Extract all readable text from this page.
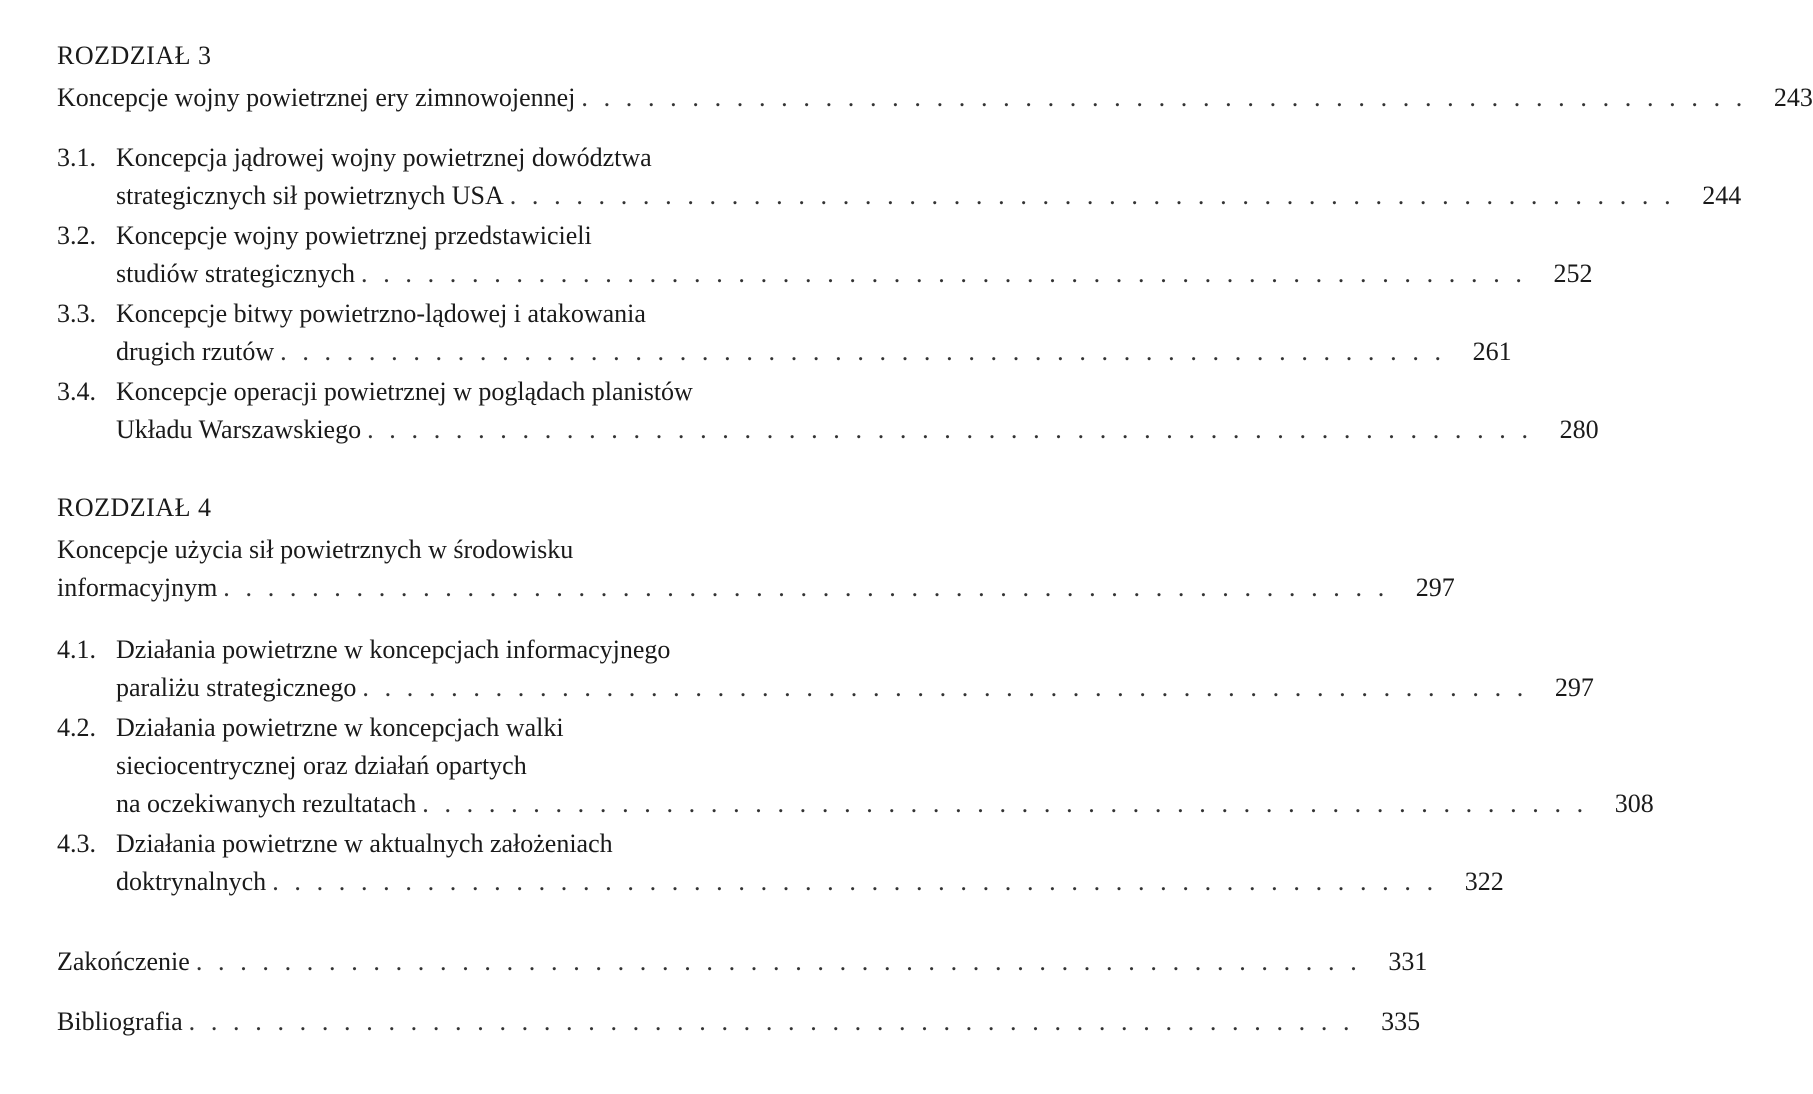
ROZDZIAŁ 3
Koncepcje wojny powietrznej ery zimnowojennej . . . . . . . . . . . . . . . . . . . . . . . . . . . . . . . . . . . . . . . . . . . . . . . . . . . . .	243
3.1. Koncepcja jądrowej wojny powietrznej dowództwa
strategicznych sił powietrznych USA . . . . . . . . . . . . . . . . . . . . . . . . . . . . . . . . . . . . . . . . . . . . . . . . . . . . .	244
3.2. Koncepcje wojny powietrznej przedstawicieli
studiów strategicznych . . . . . . . . . . . . . . . . . . . . . . . . . . . . . . . . . . . . . . . . . . . . . . . . . . . . .	252
3.3. Koncepcje bitwy powietrzno-lądowej i atakowania
drugich rzutów . . . . . . . . . . . . . . . . . . . . . . . . . . . . . . . . . . . . . . . . . . . . . . . . . . . . .	261
3.4. Koncepcje operacji powietrznej w poglądach planistów
Układu Warszawskiego . . . . . . . . . . . . . . . . . . . . . . . . . . . . . . . . . . . . . . . . . . . . . . . . . . . . .	280
ROZDZIAŁ 4
Koncepcje użycia sił powietrznych w środowisku
informacyjnym . . . . . . . . . . . . . . . . . . . . . . . . . . . . . . . . . . . . . . . . . . . . . . . . . . . . .	297
4.1. Działania powietrzne w koncepcjach informacyjnego
paraliżu strategicznego . . . . . . . . . . . . . . . . . . . . . . . . . . . . . . . . . . . . . . . . . . . . . . . . . . . . .	297
4.2. Działania powietrzne w koncepcjach walki
sieciocentrycznej oraz działań opartych
na oczekiwanych rezultatach . . . . . . . . . . . . . . . . . . . . . . . . . . . . . . . . . . . . . . . . . . . . . . . . . . . . .	308
4.3. Działania powietrzne w aktualnych założeniach
doktrynalnych . . . . . . . . . . . . . . . . . . . . . . . . . . . . . . . . . . . . . . . . . . . . . . . . . . . . .	322
Zakończenie . . . . . . . . . . . . . . . . . . . . . . . . . . . . . . . . . . . . . . . . . . . . . . . . . . . . .	331
Bibliografia . . . . . . . . . . . . . . . . . . . . . . . . . . . . . . . . . . . . . . . . . . . . . . . . . . . . .	335
